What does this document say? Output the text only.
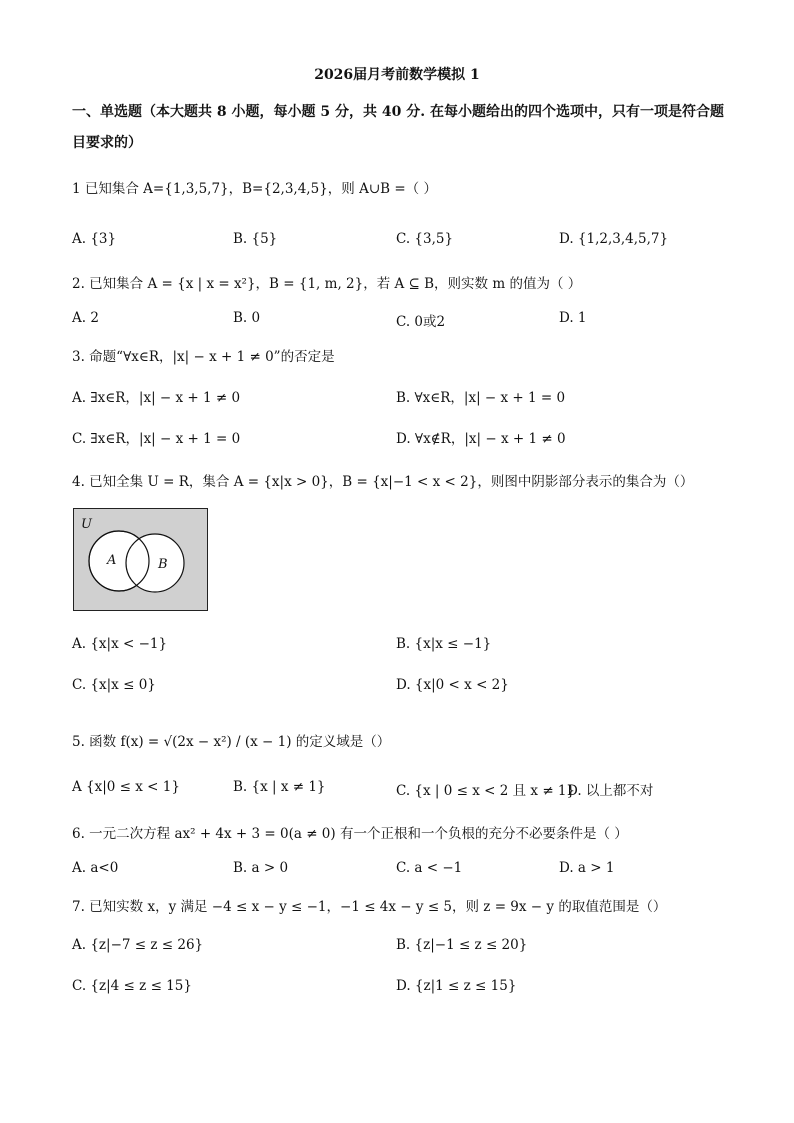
2026届月考前数学模拟 1
一、单选题（本大题共 8 小题，每小题 5 分，共 40 分. 在每小题给出的四个选项中，只有一项是符合题目要求的）
1 已知集合 A={1,3,5,7}，B={2,3,4,5}，则 A∪B =（ ）
A. {3}	B. {5}	C. {3,5}	D. {1,2,3,4,5,7}
2. 已知集合 A = {x | x = x²}，B = {1, m, 2}，若 A ⊆ B，则实数 m 的值为（ ）
A. 2	B. 0	C. 0或2	D. 1
3. 命题“∀x∈R，|x| − x + 1 ≠ 0”的否定是
A. ∃x∈R，|x| − x + 1 ≠ 0	B. ∀x∈R，|x| − x + 1 = 0
C. ∃x∈R，|x| − x + 1 = 0	D. ∀x∉R，|x| − x + 1 ≠ 0
4. 已知全集 U = R，集合 A = {x|x > 0}，B = {x|−1 < x < 2}，则图中阴影部分表示的集合为（）
U
A	B
A. {x|x < −1}	B. {x|x ≤ −1}
C. {x|x ≤ 0}	D. {x|0 < x < 2}
5. 函数 f(x) = √(2x − x²) / (x − 1) 的定义域是（）
A {x|0 ≤ x < 1}	B. {x | x ≠ 1}	C. {x | 0 ≤ x < 2 且 x ≠ 1}
D. 以上都不对
6. 一元二次方程 ax² + 4x + 3 = 0(a ≠ 0) 有一个正根和一个负根的充分不必要条件是（ ）
A. a<0	B. a > 0	C. a < −1	D. a > 1
7. 已知实数 x，y 满足 −4 ≤ x − y ≤ −1，−1 ≤ 4x − y ≤ 5，则 z = 9x − y 的取值范围是（）
A. {z|−7 ≤ z ≤ 26}	B. {z|−1 ≤ z ≤ 20}
C. {z|4 ≤ z ≤ 15}	D. {z|1 ≤ z ≤ 15}
